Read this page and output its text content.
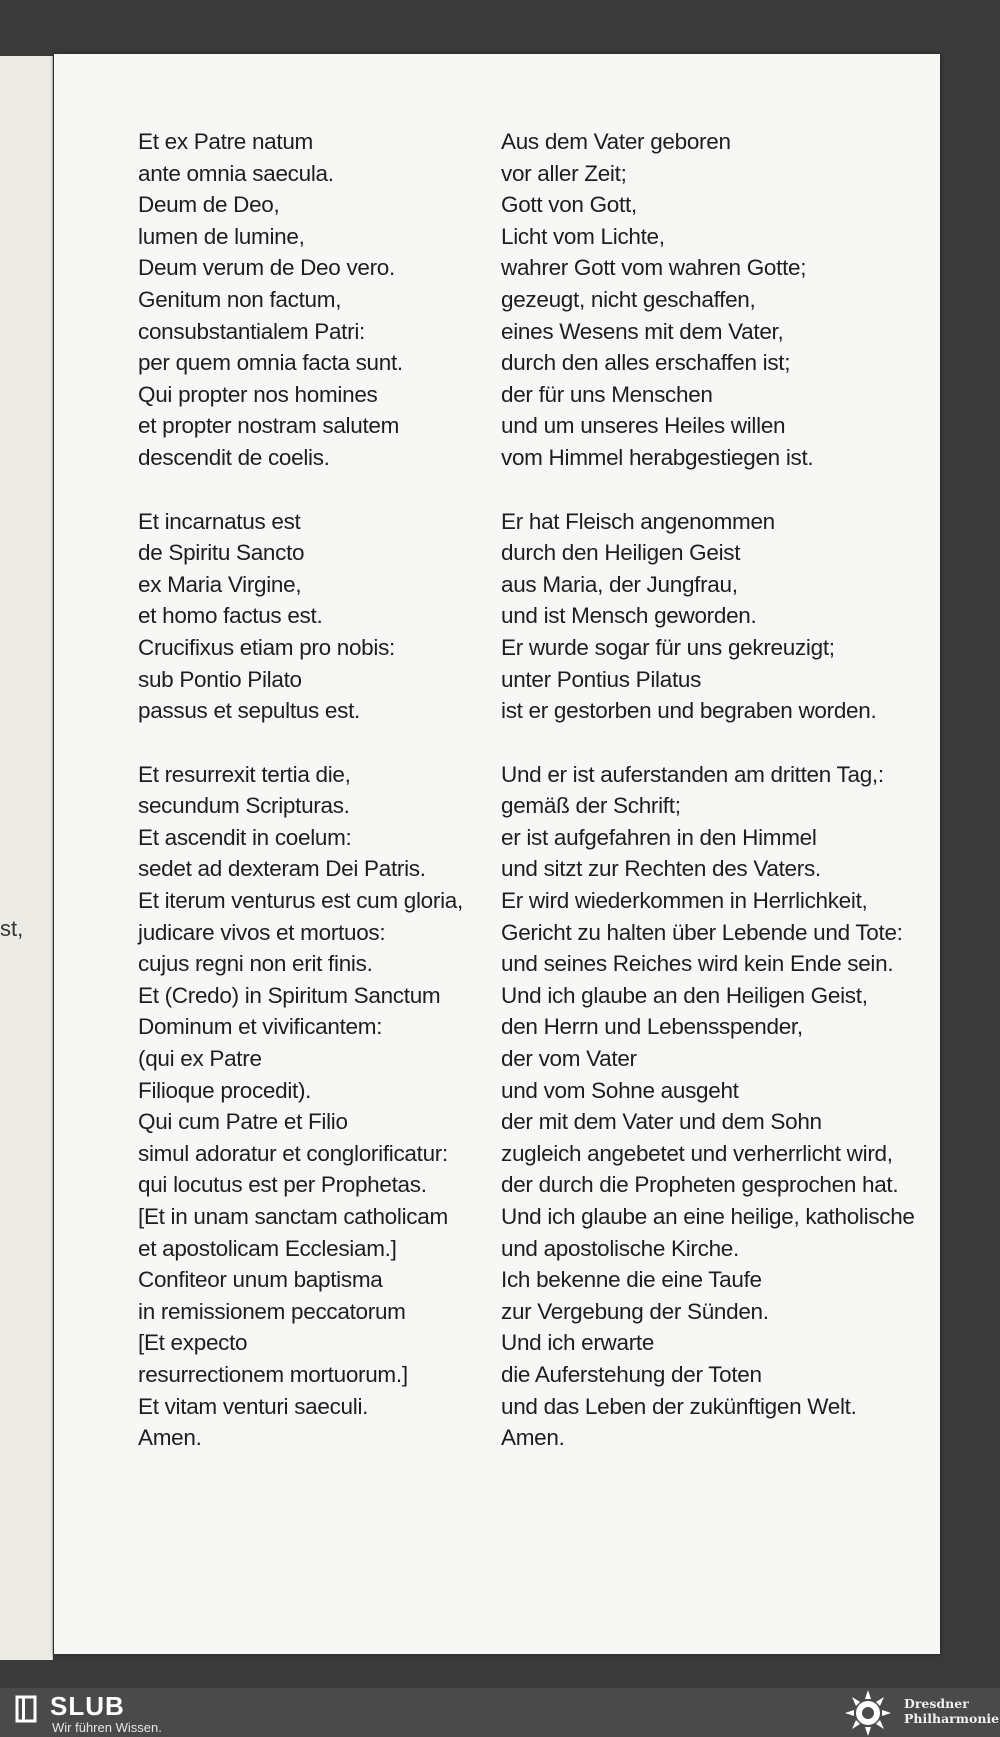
st,
Et ex Patre natum
ante omnia saecula.
Deum de Deo,
lumen de lumine,
Deum verum de Deo vero.
Genitum non factum,
consubstantialem Patri:
per quem omnia facta sunt.
Qui propter nos homines
et propter nostram salutem
descendit de coelis.
Et incarnatus est
de Spiritu Sancto
ex Maria Virgine,
et homo factus est.
Crucifixus etiam pro nobis:
sub Pontio Pilato
passus et sepultus est.
Et resurrexit tertia die,
secundum Scripturas.
Et ascendit in coelum:
sedet ad dexteram Dei Patris.
Et iterum venturus est cum gloria,
judicare vivos et mortuos:
cujus regni non erit finis.
Et (Credo) in Spiritum Sanctum
Dominum et vivificantem:
(qui ex Patre
Filioque procedit).
Qui cum Patre et Filio
simul adoratur et conglorificatur:
qui locutus est per Prophetas.
[Et in unam sanctam catholicam
et apostolicam Ecclesiam.]
Confiteor unum baptisma
in remissionem peccatorum
[Et expecto
resurrectionem mortuorum.]
Et vitam venturi saeculi.
Amen.
Aus dem Vater geboren
vor aller Zeit;
Gott von Gott,
Licht vom Lichte,
wahrer Gott vom wahren Gotte;
gezeugt, nicht geschaffen,
eines Wesens mit dem Vater,
durch den alles erschaffen ist;
der für uns Menschen
und um unseres Heiles willen
vom Himmel herabgestiegen ist.
Er hat Fleisch angenommen
durch den Heiligen Geist
aus Maria, der Jungfrau,
und ist Mensch geworden.
Er wurde sogar für uns gekreuzigt;
unter Pontius Pilatus
ist er gestorben und begraben worden.
Und er ist auferstanden am dritten Tag,:
gemäß der Schrift;
er ist aufgefahren in den Himmel
und sitzt zur Rechten des Vaters.
Er wird wiederkommen in Herrlichkeit,
Gericht zu halten über Lebende und Tote:
und seines Reiches wird kein Ende sein.
Und ich glaube an den Heiligen Geist,
den Herrn und Lebensspender,
der vom Vater
und vom Sohne ausgeht
der mit dem Vater und dem Sohn
zugleich angebetet und verherrlicht wird,
der durch die Propheten gesprochen hat.
Und ich glaube an eine heilige, katholische
und apostolische Kirche.
Ich bekenne die eine Taufe
zur Vergebung der Sünden.
Und ich erwarte
die Auferstehung der Toten
und das Leben der zukünftigen Welt.
Amen.
SLUB
Wir führen Wissen.
Dresdner
Philharmonie
